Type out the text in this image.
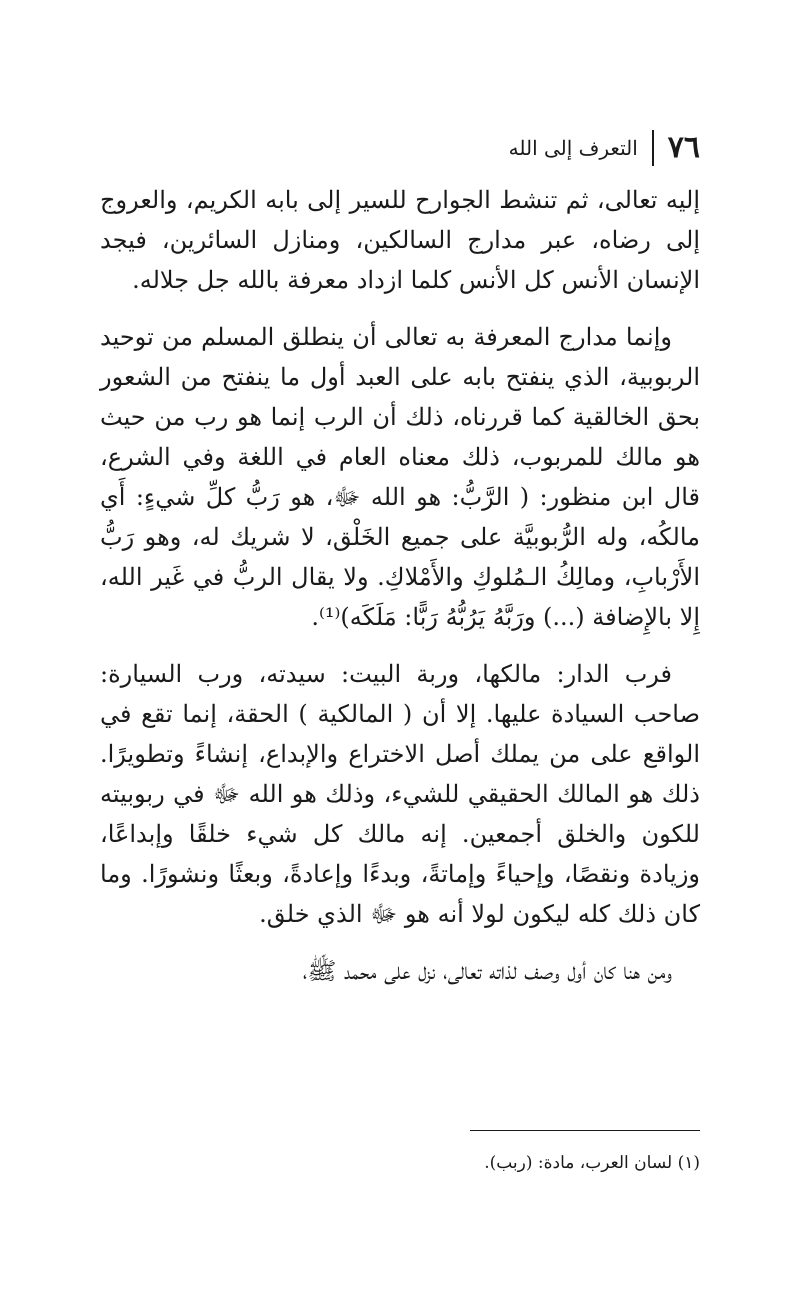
٧٦
التعرف إلى الله

إليه تعالى، ثم تنشط الجوارح للسير إلى بابه الكريم، والعروج إلى رضاه، عبر مدارج السالكين، ومنازل السائرين، فيجد الإنسان الأنس كل الأنس كلما ازداد معرفة بالله جل جلاله.

وإنما مدارج المعرفة به تعالى أن ينطلق المسلم من توحيد الربوبية، الذي ينفتح بابه على العبد أول ما ينفتح من الشعور بحق الخالقية كما قررناه، ذلك أن الرب إنما هو رب من حيث هو مالك للمربوب، ذلك معناه العام في اللغة وفي الشرع، قال ابن منظور: ( الرَّبُّ: هو الله ﷻ، هو رَبُّ كلِّ شيءٍ: أَي مالكُه، وله الرُّبوبيَّة على جميع الخَلْق، لا شريك له، وهو رَبُّ الأَرْبابِ، ومالِكُ الـمُلوكِ والأَمْلاكِ. ولا يقال الربُّ في غَير الله، إِلا بالإِضافة (...) ورَبَّهُ يَرُبُّهُ رَبًّا: مَلَكَه)⁽¹⁾.

فرب الدار: مالكها، وربة البيت: سيدته، ورب السيارة: صاحب السيادة عليها. إلا أن ( المالكية ) الحقة، إنما تقع في الواقع على من يملك أصل الاختراع والإبداع، إنشاءً وتطويرًا. ذلك هو المالك الحقيقي للشيء، وذلك هو الله ﷻ في ربوبيته للكون والخلق أجمعين. إنه مالك كل شيء خلقًا وإبداعًا، وزيادة ونقصًا، وإحياءً وإماتةً، وبدءًا وإعادةً، وبعثًا ونشورًا. وما كان ذلك كله ليكون لولا أنه هو ﷻ الذي خلق.

ومن هنا كان أول وصف لذاته تعالى، نزل على محمد ﷺ،

(١) لسان العرب، مادة: (ربب).
